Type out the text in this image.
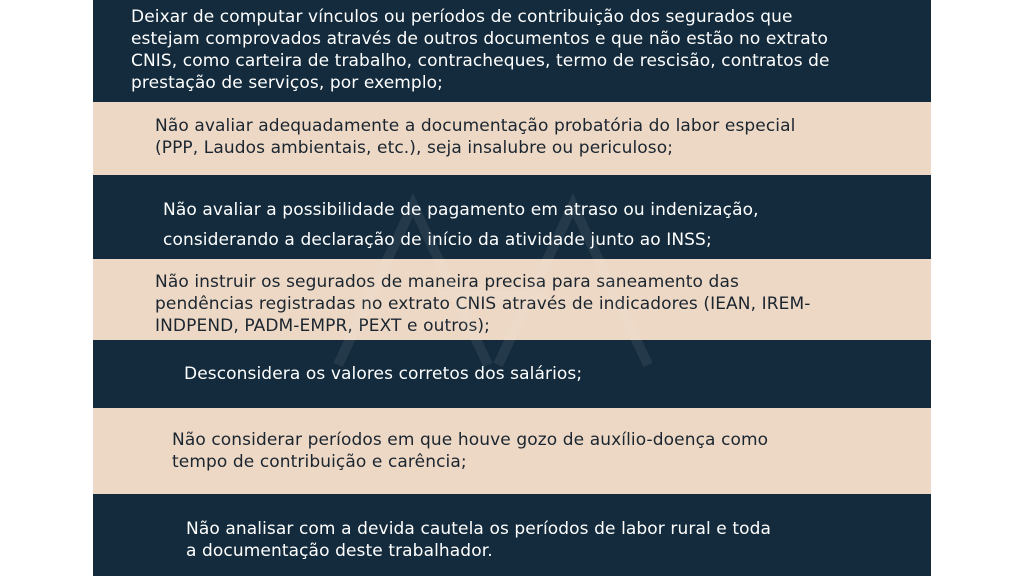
Deixar de computar vínculos ou períodos de contribuição dos segurados que
estejam comprovados através de outros documentos e que não estão no extrato
CNIS, como carteira de trabalho, contracheques, termo de rescisão, contratos de
prestação de serviços, por exemplo;

Não avaliar adequadamente a documentação probatória do labor especial
(PPP, Laudos ambientais, etc.), seja insalubre ou periculoso;

Não avaliar a possibilidade de pagamento em atraso ou indenização,
considerando a declaração de início da atividade junto ao INSS;

Não instruir os segurados de maneira precisa para saneamento das
pendências registradas no extrato CNIS através de indicadores (IEAN, IREM-
INDPEND, PADM-EMPR, PEXT e outros);

Desconsidera os valores corretos dos salários;

Não considerar períodos em que houve gozo de auxílio-doença como
tempo de contribuição e carência;

Não analisar com a devida cautela os períodos de labor rural e toda
a documentação deste trabalhador.
